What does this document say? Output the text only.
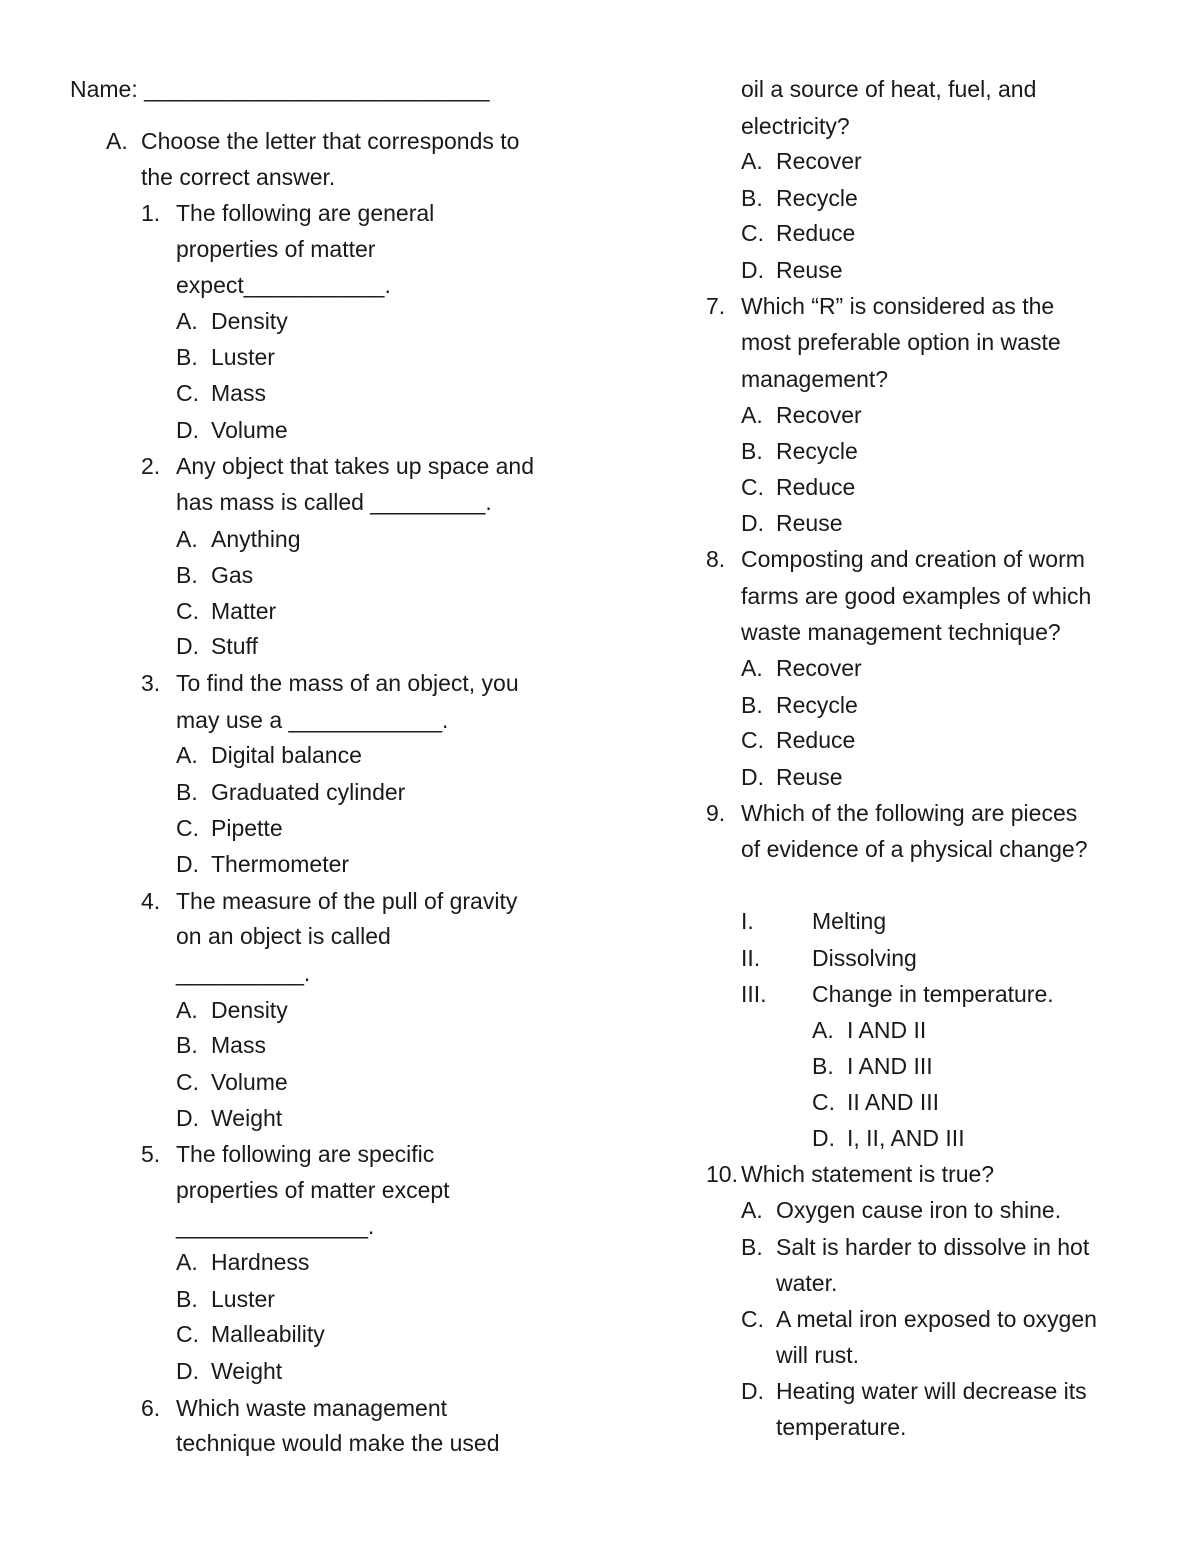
Name: ___________________________
A. Choose the letter that corresponds to
the correct answer.
1. The following are general
properties of matter
expect___________.
A. Density
B. Luster
C. Mass
D. Volume
2. Any object that takes up space and
has mass is called _________.
A. Anything
B. Gas
C. Matter
D. Stuff
3. To find the mass of an object, you
may use a ____________.
A. Digital balance
B. Graduated cylinder
C. Pipette
D. Thermometer
4. The measure of the pull of gravity
on an object is called
__________.
A. Density
B. Mass
C. Volume
D. Weight
5. The following are specific
properties of matter except
_______________.
A. Hardness
B. Luster
C. Malleability
D. Weight
6. Which waste management
technique would make the used
oil a source of heat, fuel, and
electricity?
A. Recover
B. Recycle
C. Reduce
D. Reuse
7. Which “R” is considered as the
most preferable option in waste
management?
A. Recover
B. Recycle
C. Reduce
D. Reuse
8. Composting and creation of worm
farms are good examples of which
waste management technique?
A. Recover
B. Recycle
C. Reduce
D. Reuse
9. Which of the following are pieces
of evidence of a physical change?
I.	Melting
II. Dissolving
III. Change in temperature.
A. I AND II
B. I AND III
C. II AND III
D. I, II, AND III
10. Which statement is true?
A. Oxygen cause iron to shine.
B. Salt is harder to dissolve in hot
water.
C. A metal iron exposed to oxygen
will rust.
D. Heating water will decrease its
temperature.
